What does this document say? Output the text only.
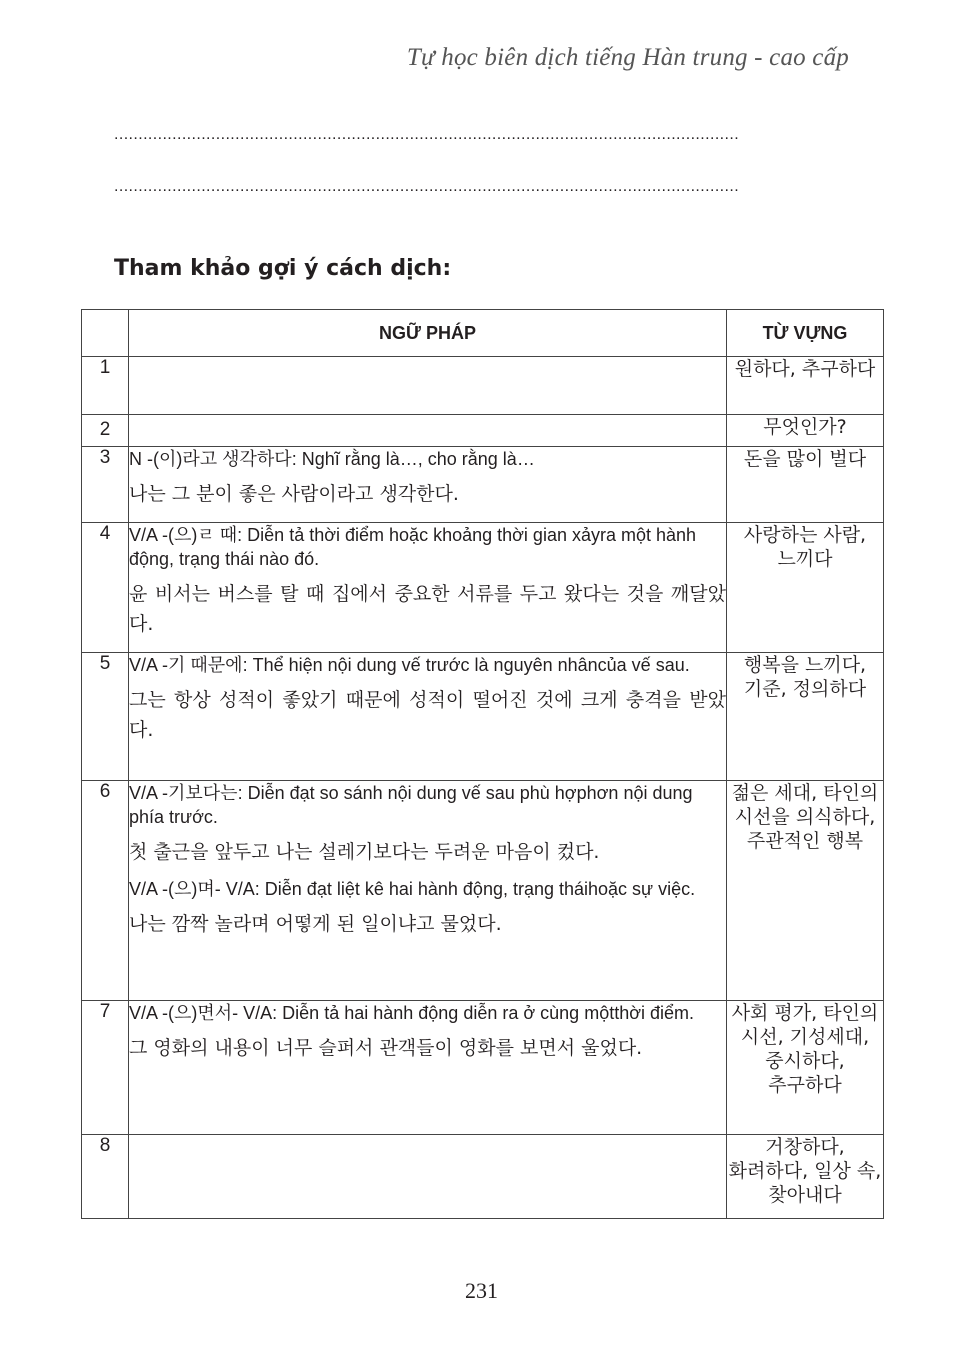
Tự học biên dịch tiếng Hàn trung - cao cấp
.................................................................................................................................
.................................................................................................................................
Tham khảo gợi ý cách dịch:
	NGỮ PHÁP	TỪ VỰNG
1		원하다, 추구하다
2		무엇인가?
3	N -(이)라고 생각하다: Nghĩ rằng là…, cho rằng là…

나는 그 분이 좋은 사람이라고 생각한다.	돈을 많이 벌다
4	V/A -(으)ㄹ 때: Diễn tả thời điểm hoặc khoảng thời gian xảyra một hành động, trạng thái nào đó.

윤 비서는 버스를 탈 때 집에서 중요한 서류를 두고 왔다는 것을 깨달았다.	사랑하는 사람, 느끼다
5	V/A -기 때문에: Thể hiện nội dung vế trước là nguyên nhâncủa vế sau.

그는 항상 성적이 좋았기 때문에 성적이 떨어진 것에 크게 충격을 받았다.	행복을 느끼다, 기준, 정의하다
6	V/A -기보다는: Diễn đạt so sánh nội dung vế sau phù hợphơn nội dung phía trước.

첫 출근을 앞두고 나는 설레기보다는 두려운 마음이 컸다.

V/A -(으)며- V/A: Diễn đạt liệt kê hai hành động, trạng tháihoặc sự việc.

나는 깜짝 놀라며 어떻게 된 일이냐고 물었다.	젊은 세대, 타인의 시선을 의식하다, 주관적인 행복
7	V/A -(으)면서- V/A: Diễn tả hai hành động diễn ra ở cùng mộtthời điểm.

그 영화의 내용이 너무 슬퍼서 관객들이 영화를 보면서 울었다.	사회 평가, 타인의 시선, 기성세대, 중시하다, 추구하다
8		거창하다, 화려하다, 일상 속, 찾아내다
231
